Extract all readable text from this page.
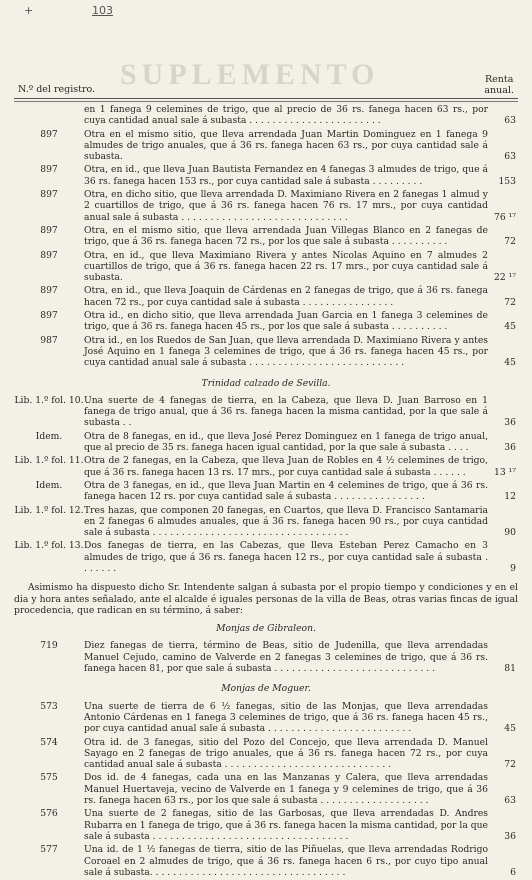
+	103
SUPLEMENTO
N.º del registro.
Renta
anual.
en 1 fanega 9 celemines de trigo, que al precio de 36 rs. fanega hacen 63 rs., por cuya cantidad anual sale á subasta . . . . . . . . . . . . . . . . . . . . . . .	63
897	Otra en el mismo sitio, que lleva arrendada Juan Martin Dominguez en 1 fanega 9 almudes de trigo anuales, que á 36 rs. fanega hacen 63 rs., por cuya cantidad sale á subasta.	63
897	Otra, en id., que lleva Juan Bautista Fernandez en 4 fanegas 3 almudes de trigo, que á 36 rs. fanega hacen 153 rs., por cuya cantidad sale á subasta . . . . . . . . .	153
897	Otra, en dicho sitio, que lleva arrendada D. Maximiano Rivera en 2 fanegas 1 almud y 2 cuartillos de trigo, que á 36 rs. fanega hacen 76 rs. 17 mrs., por cuya cantidad anual sale á subasta . . . . . . . . . . . . . . . . . . . . . . . . . . . . .	76 ¹⁷
897	Otra, en el mismo sitio, que lleva arrendada Juan Villegas Blanco en 2 fanegas de trigo, que á 36 rs. fanega hacen 72 rs., por los que sale á subasta . . . . . . . . . .	72
897	Otra, en id., que lleva Maximiano Rivera y antes Nicolas Aquino en 7 almudes 2 cuartillos de trigo, que á 36 rs. fanega hacen 22 rs. 17 mrs., por cuya cantidad sale á subasta.	22 ¹⁷
897	Otra, en id., que lleva Joaquin de Cárdenas en 2 fanegas de trigo, que á 36 rs. fanega hacen 72 rs., por cuya cantidad sale á subasta . . . . . . . . . . . . . . . .	72
897	Otra id., en dicho sitio, que lleva arrendada Juan Garcia en 1 fanega 3 celemines de trigo, que á 36 rs. fanega hacen 45 rs., por los que sale á subasta . . . . . . . . . .	45
987	Otra id., en los Ruedos de San Juan, que lleva arrendada D. Maximiano Rivera y antes José Aquino en 1 fanega 3 celemines de trigo, que á 36 rs. fanega hacen 45 rs., por cuya cantidad anual sale á subasta . . . . . . . . . . . . . . . . . . . . . . . . . . .	45
Trinidad calzado de Sevilla.
Lib. 1.º fol. 10. Una suerte de 4 fanegas de tierra, en la Cabeza, que lleva D. Juan Barroso en 1 fanega de trigo anual, que á 36 rs. fanega hacen la misma cantidad, por la que sale á subasta . .	36
Idem.	Otra de 8 fanegas, en id., que lleva José Perez Dominguez en 1 fanega de trigo anual, que al precio de 35 rs. fanega hacen igual cantidad, por la que sale á subasta . . . .	36
Lib. 1.º fol. 11. Otra de 2 fanegas, en la Cabeza, que lleva Juan de Robles en 4 ½ celemines de trigo, que á 36 rs. fanega hacen 13 rs. 17 mrs., por cuya cantidad sale á subasta . . . . . .	13 ¹⁷
Idem.	Otra de 3 fanegas, en id., que lleva Juan Martin en 4 celemines de trigo, que á 36 rs. fanega hacen 12 rs. por cuya cantidad sale á subasta . . . . . . . . . . . . . . . .	12
Lib. 1.º fol. 12. Tres hazas, que componen 20 fanegas, en Cuartos, que lleva D. Francisco Santamaria en 2 fanegas 6 almudes anuales, que á 36 rs. fanega hacen 90 rs., por cuya cantidad sale á subasta . . . . . . . . . . . . . . . . . . . . . . . . . . . . . . . . . .	90
Lib. 1.º fol. 13. Dos fanegas de tierra, en las Cabezas, que lleva Esteban Perez Camacho en 3 almudes de trigo, que á 36 rs. fanega hacen 12 rs., por cuya cantidad sale á subasta . . . . . . .	9
Asimismo ha dispuesto dicho Sr. Intendente salgan á subasta por el propio tiempo y condiciones y en el dia y hora antes señalado, ante el alcalde é iguales personas de la villa de Beas, otras varias fincas de igual procedencia, que radican en su término, á saber:
Monjas de Gibraleon.
719	Diez fanegas de tierra, término de Beas, sitio de Judenilla, que lleva arrendadas Manuel Cejudo, camino de Valverde en 2 fanegas 3 celemines de trigo, que á 36 rs. fanega hacen 81, por que sale á subasta . . . . . . . . . . . . . . . . . . . . . . . . . . . .	81
Monjas de Moguer.
573	Una suerte de tierra de 6 ½ fanegas, sitio de las Monjas, que lleva arrendadas Antonio Cárdenas en 1 fanega 3 celemines de trigo, que á 36 rs. fanega hacen 45 rs., por cuya cantidad anual sale á subasta . . . . . . . . . . . . . . . . . . . . . . . . .	45
574	Otra id. de 3 fanegas, sitio del Pozo del Concejo, que lleva arrendada D. Manuel Sayago en 2 fanegas de trigo anuales, que á 36 rs. fanega hacen 72 rs., por cuya cantidad anual sale á subasta . . . . . . . . . . . . . . . . . . . . . . . . . . . . .	72
575	Dos id. de 4 fanegas, cada una en las Manzanas y Calera, que lleva arrendadas Manuel Huertaveja, vecino de Valverde en 1 fanega y 9 celemines de trigo, que á 36 rs. fanega hacen 63 rs., por los que sale á subasta . . . . . . . . . . . . . . . . . . .	63
576	Una suerte de 2 fanegas, sitio de las Garbosas, que lleva arrendadas D. Andres Rubarra en 1 fanega de trigo, que á 36 rs. fanega hacen la misma cantidad, por la que sale á subasta . . . . . . . . . . . . . . . . . . . . . . . . . . . . . . . . . .	36
577	Una id. de 1 ½ fanegas de tierra, sitio de las Piñuelas, que lleva arrendadas Rodrigo Coroael en 2 almudes de trigo, que á 36 rs. fanega hacen 6 rs., por cuyo tipo anual sale á subasta. . . . . . . . . . . . . . . . . . . . . . . . . . . . . . . . . .	6
